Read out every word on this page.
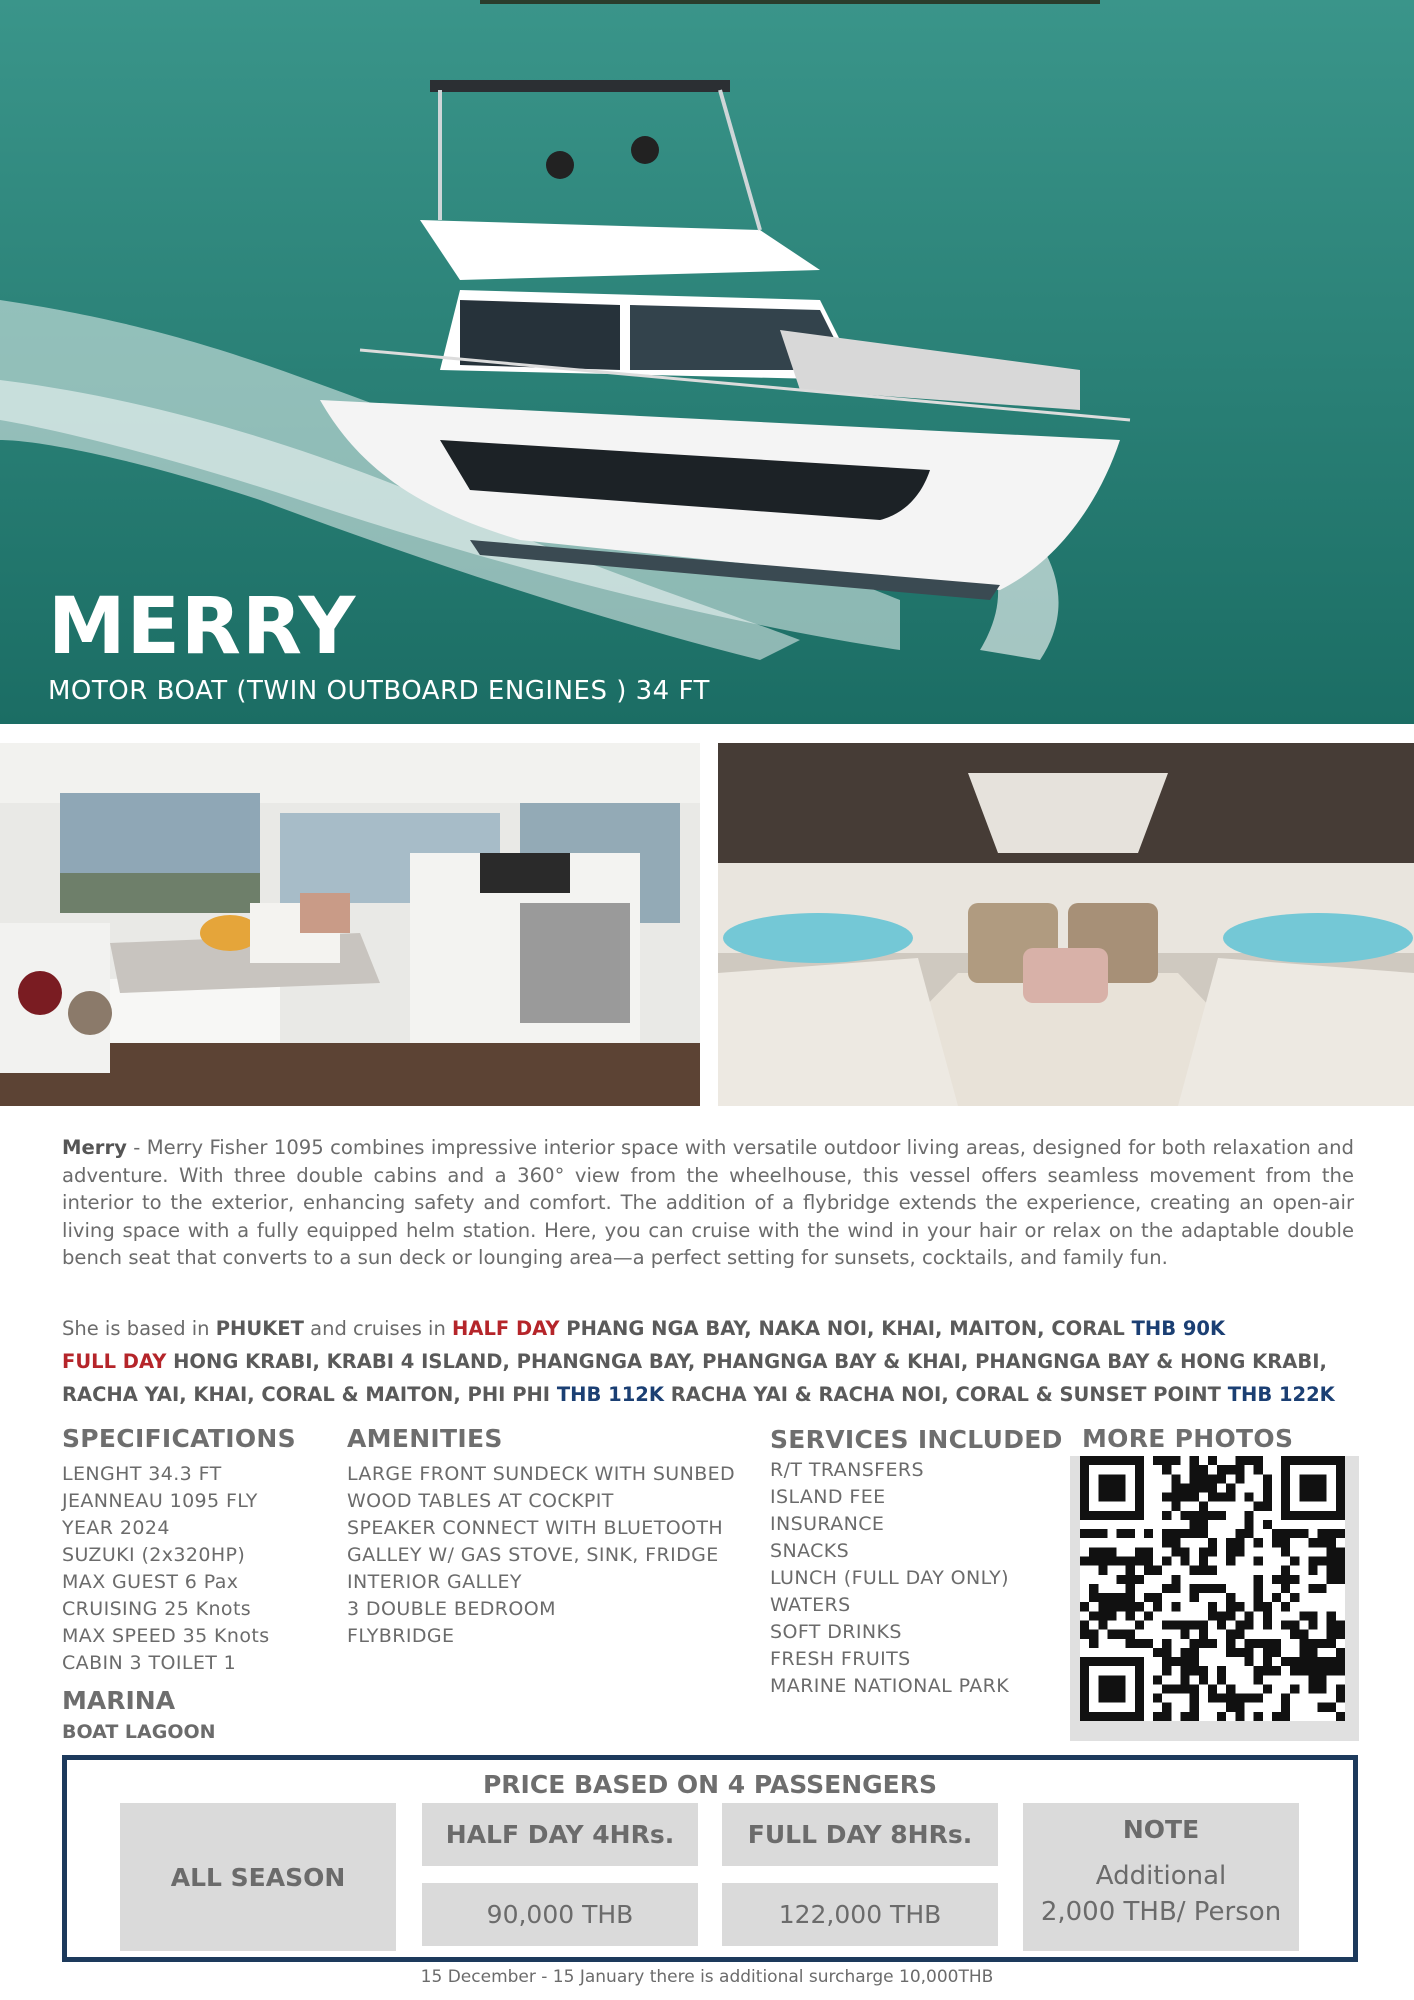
MERRY
MOTOR BOAT (TWIN OUTBOARD ENGINES ) 34 FT
Merry - Merry Fisher 1095 combines impressive interior space with versatile outdoor living areas, designed for both relaxation and adventure. With three double cabins and a 360° view from the wheelhouse, this vessel offers seamless movement from the interior to the exterior, enhancing safety and comfort. The addition of a flybridge extends the experience, creating an open-air living space with a fully equipped helm station. Here, you can cruise with the wind in your hair or relax on the adaptable double bench seat that converts to a sun deck or lounging area—a perfect setting for sunsets, cocktails, and family fun.
She is based in PHUKET and cruises in HALF DAY PHANG NGA BAY, NAKA NOI, KHAI, MAITON, CORAL THB 90K
FULL DAY HONG KRABI, KRABI 4 ISLAND, PHANGNGA BAY, PHANGNGA BAY & KHAI, PHANGNGA BAY & HONG KRABI, RACHA YAI, KHAI, CORAL & MAITON, PHI PHI THB 112K RACHA YAI & RACHA NOI, CORAL & SUNSET POINT THB 122K
SPECIFICATIONS
LENGHT 34.3 FT
JEANNEAU 1095 FLY
YEAR 2024
SUZUKI (2x320HP)
MAX GUEST 6 Pax
CRUISING 25 Knots
MAX SPEED 35 Knots
CABIN 3 TOILET 1
AMENITIES
LARGE FRONT SUNDECK WITH SUNBED
WOOD TABLES AT COCKPIT
SPEAKER CONNECT WITH BLUETOOTH
GALLEY W/ GAS STOVE, SINK, FRIDGE
INTERIOR GALLEY
3 DOUBLE BEDROOM
FLYBRIDGE
SERVICES INCLUDED
R/T TRANSFERS
ISLAND FEE
INSURANCE
SNACKS
LUNCH (FULL DAY ONLY)
WATERS
SOFT DRINKS
FRESH FRUITS
MARINE NATIONAL PARK
MORE PHOTOS
MARINA
BOAT LAGOON
PRICE BASED ON 4 PASSENGERS
ALL SEASON
HALF DAY 4HRs.
90,000 THB
FULL DAY 8HRs.
122,000 THB
NOTE
Additional
2,000 THB/ Person
15 December - 15 January there is additional surcharge 10,000THB
